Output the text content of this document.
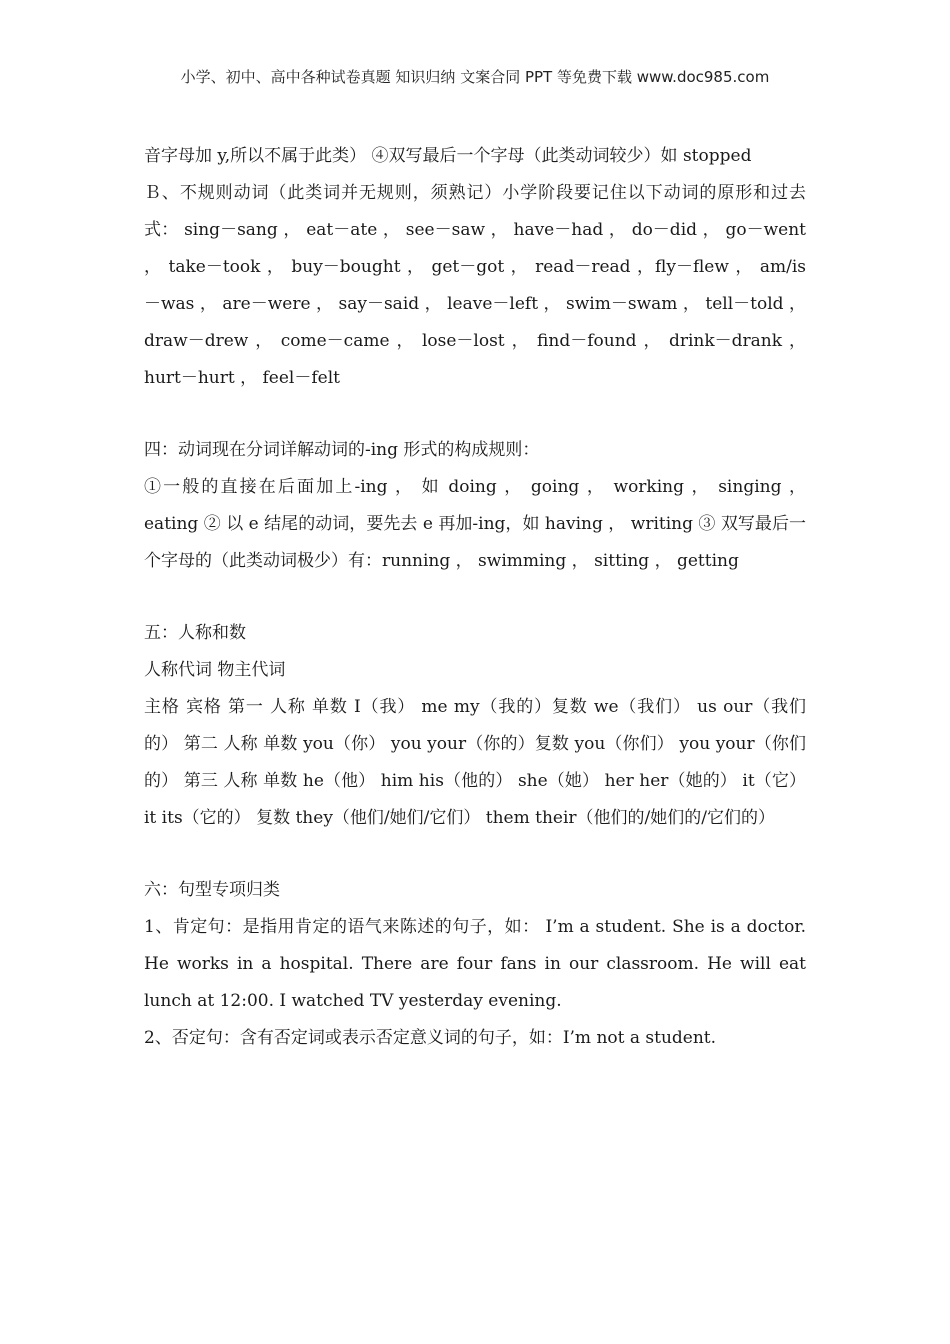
小学、初中、高中各种试卷真题 知识归纳 文案合同 PPT 等免费下载 www.doc985.com

音字母加 y,所以不属于此类） ④双写最后一个字母（此类动词较少）如 stopped

Ｂ、不规则动词（此类词并无规则，须熟记）小学阶段要记住以下动词的原形和过去式： sing－sang ， eat－ate ， see－saw ， have－had ， do－did ， go－went ， take－took ， buy－bought ， get－got ， read－read ，fly－flew ， am/is－was ， are－were ， say－said ， leave－left ， swim－swam ， tell－told ， draw－drew ， come－came ， lose－lost ， find－found ， drink－drank ， hurt－hurt ， feel－felt

四：动词现在分词详解动词的-ing 形式的构成规则：

①一般的直接在后面加上-ing ， 如 doing ， going ， working ， singing ， eating ② 以 e 结尾的动词，要先去 e 再加-ing，如 having ， writing ③ 双写最后一个字母的（此类动词极少）有：running ， swimming ， sitting ， getting

五：人称和数

人称代词 物主代词

主格 宾格 第一 人称 单数 I（我） me my（我的）复数 we（我们） us our（我们的） 第二 人称 单数 you（你） you your（你的）复数 you（你们） you your（你们的） 第三 人称 单数 he（他） him his（他的） she（她） her her（她的） it（它） it its（它的） 复数 they（他们/她们/它们） them their（他们的/她们的/它们的）

六：句型专项归类

1、肯定句：是指用肯定的语气来陈述的句子，如： I’m a student. She is a doctor. He works in a hospital. There are four fans in our classroom. He will eat lunch at 12:00. I watched TV yesterday evening.

2、否定句：含有否定词或表示否定意义词的句子，如：I’m not a student.
